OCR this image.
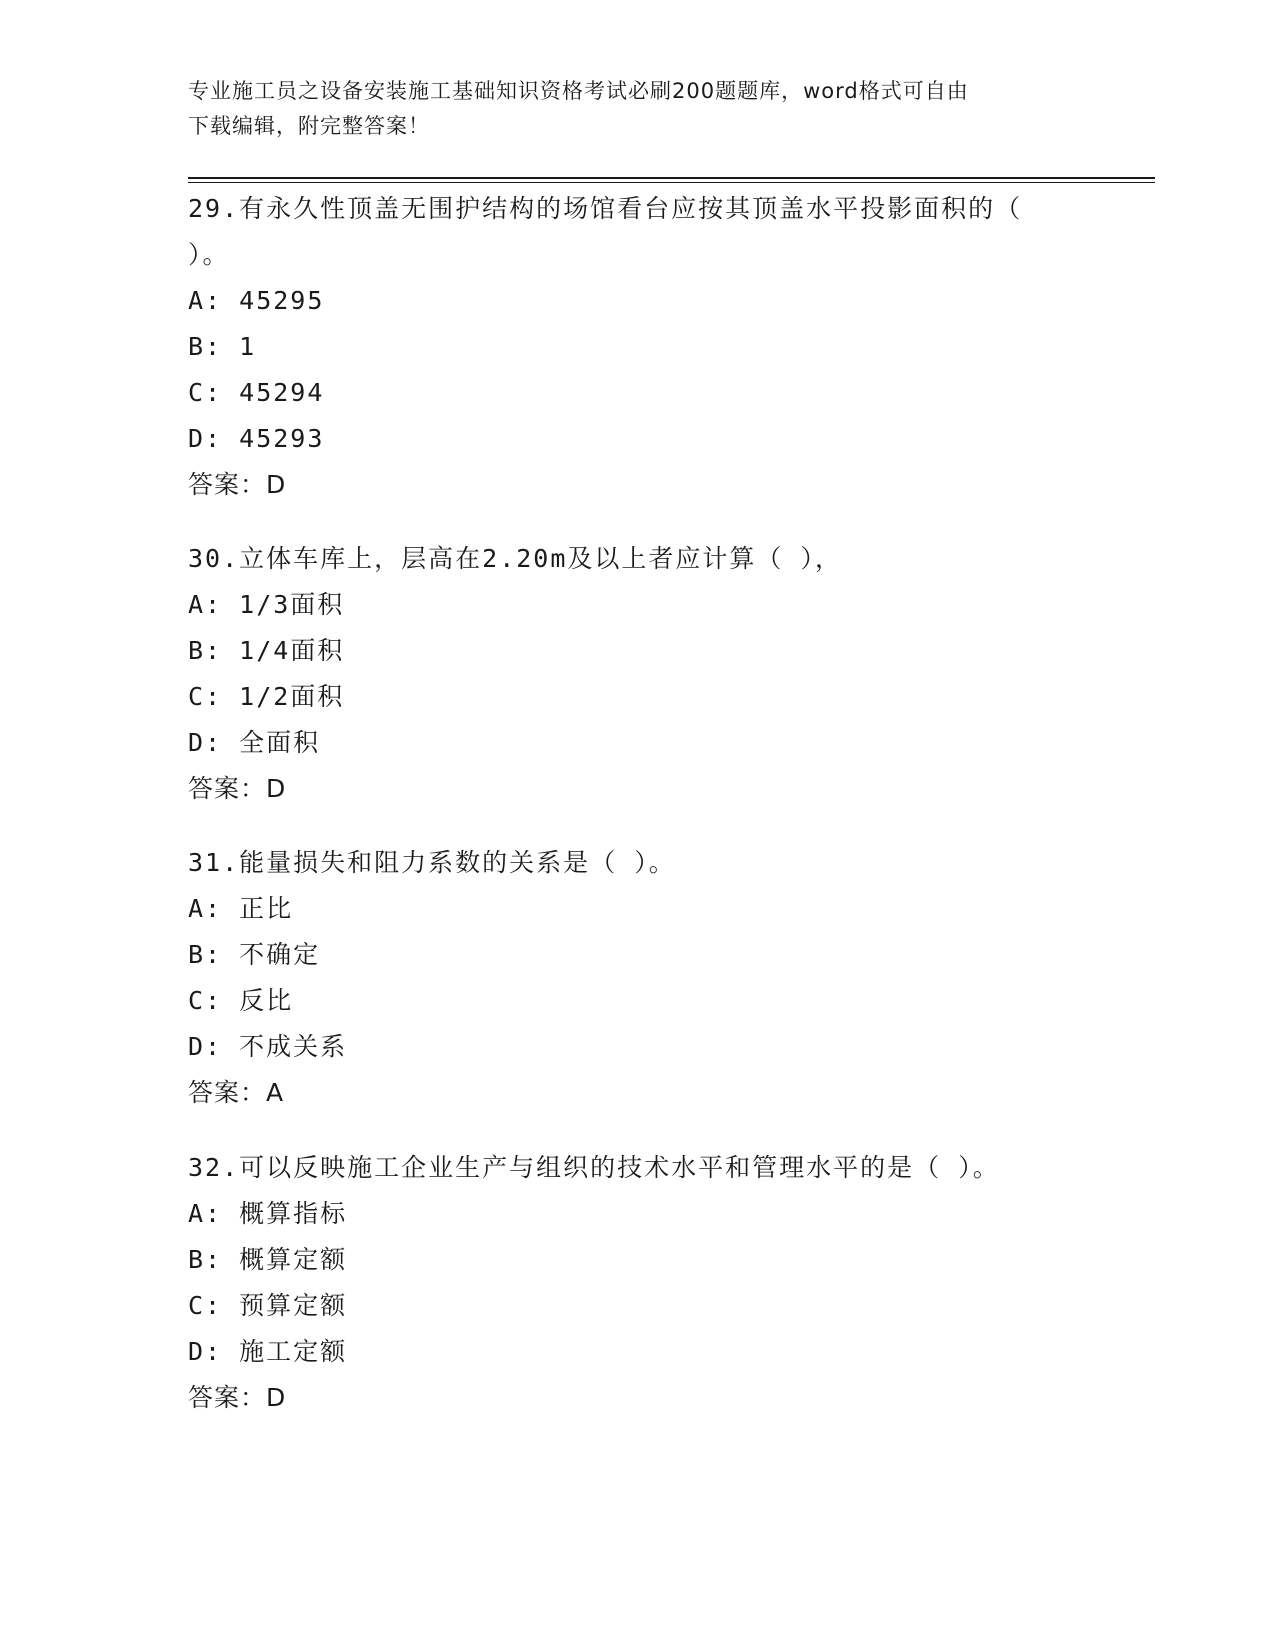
专业施工员之设备安装施工基础知识资格考试必刷200题题库，word格式可自由
下载编辑，附完整答案！

29.有永久性顶盖无围护结构的场馆看台应按其顶盖水平投影面积的（

）。

A: 45295

B: 1

C: 45294

D: 45293

答案：D

30.立体车库上，层高在2.20m及以上者应计算（ ），

A: 1/3面积

B: 1/4面积

C: 1/2面积

D: 全面积

答案：D

31.能量损失和阻力系数的关系是（ ）。

A: 正比

B: 不确定

C: 反比

D: 不成关系

答案：A

32.可以反映施工企业生产与组织的技术水平和管理水平的是（ ）。

A: 概算指标

B: 概算定额

C: 预算定额

D: 施工定额

答案：D
